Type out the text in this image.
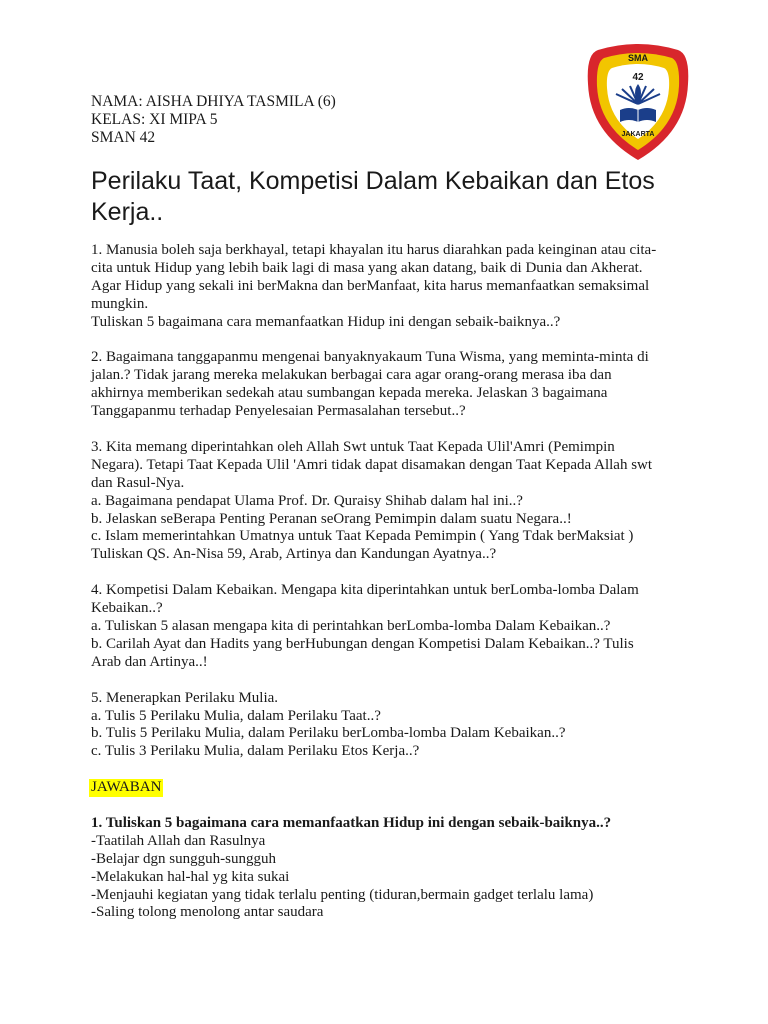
SMA
42
JAKARTA
NAMA: AISHA DHIYA TASMILA (6)
KELAS: XI MIPA 5
SMAN 42
Perilaku Taat, Kompetisi Dalam Kebaikan dan Etos Kerja..

1. Manusia boleh saja berkhayal, tetapi khayalan itu harus diarahkan pada keinginan atau cita-

cita untuk Hidup yang lebih baik lagi di masa yang akan datang, baik di Dunia dan Akherat.

Agar Hidup yang sekali ini berMakna dan berManfaat, kita harus memanfaatkan semaksimal

mungkin.

Tuliskan 5 bagaimana cara memanfaatkan Hidup ini dengan sebaik-baiknya..?

2. Bagaimana tanggapanmu mengenai banyaknyakaum Tuna Wisma, yang meminta-minta di

jalan.? Tidak jarang mereka melakukan berbagai cara agar orang-orang merasa iba dan

akhirnya memberikan sedekah atau sumbangan kepada mereka. Jelaskan 3 bagaimana

Tanggapanmu terhadap Penyelesaian Permasalahan tersebut..?

3. Kita memang diperintahkan oleh Allah Swt untuk Taat Kepada Ulil'Amri (Pemimpin

Negara). Tetapi Taat Kepada Ulil 'Amri tidak dapat disamakan dengan Taat Kepada Allah swt

dan Rasul-Nya.

a. Bagaimana pendapat Ulama Prof. Dr. Quraisy Shihab dalam hal ini..?

b. Jelaskan seBerapa Penting Peranan seOrang Pemimpin dalam suatu Negara..!

c. Islam memerintahkan Umatnya untuk Taat Kepada Pemimpin ( Yang Tdak berMaksiat )

Tuliskan QS. An-Nisa 59, Arab, Artinya dan Kandungan Ayatnya..?

4. Kompetisi Dalam Kebaikan. Mengapa kita diperintahkan untuk berLomba-lomba Dalam

Kebaikan..?

a. Tuliskan 5 alasan mengapa kita di perintahkan berLomba-lomba Dalam Kebaikan..?

b. Carilah Ayat dan Hadits yang berHubungan dengan Kompetisi Dalam Kebaikan..? Tulis

Arab dan Artinya..!

5. Menerapkan Perilaku Mulia.

a. Tulis 5 Perilaku Mulia, dalam Perilaku Taat..?

b. Tulis 5 Perilaku Mulia, dalam Perilaku berLomba-lomba Dalam Kebaikan..?

c. Tulis 3 Perilaku Mulia, dalam Perilaku Etos Kerja..?

JAWABAN

1. Tuliskan 5 bagaimana cara memanfaatkan Hidup ini dengan sebaik-baiknya..?

-Taatilah Allah dan Rasulnya

-Belajar dgn sungguh-sungguh

-Melakukan hal-hal yg kita sukai

-Menjauhi kegiatan yang tidak terlalu penting (tiduran,bermain gadget terlalu lama)

-Saling tolong menolong antar saudara
